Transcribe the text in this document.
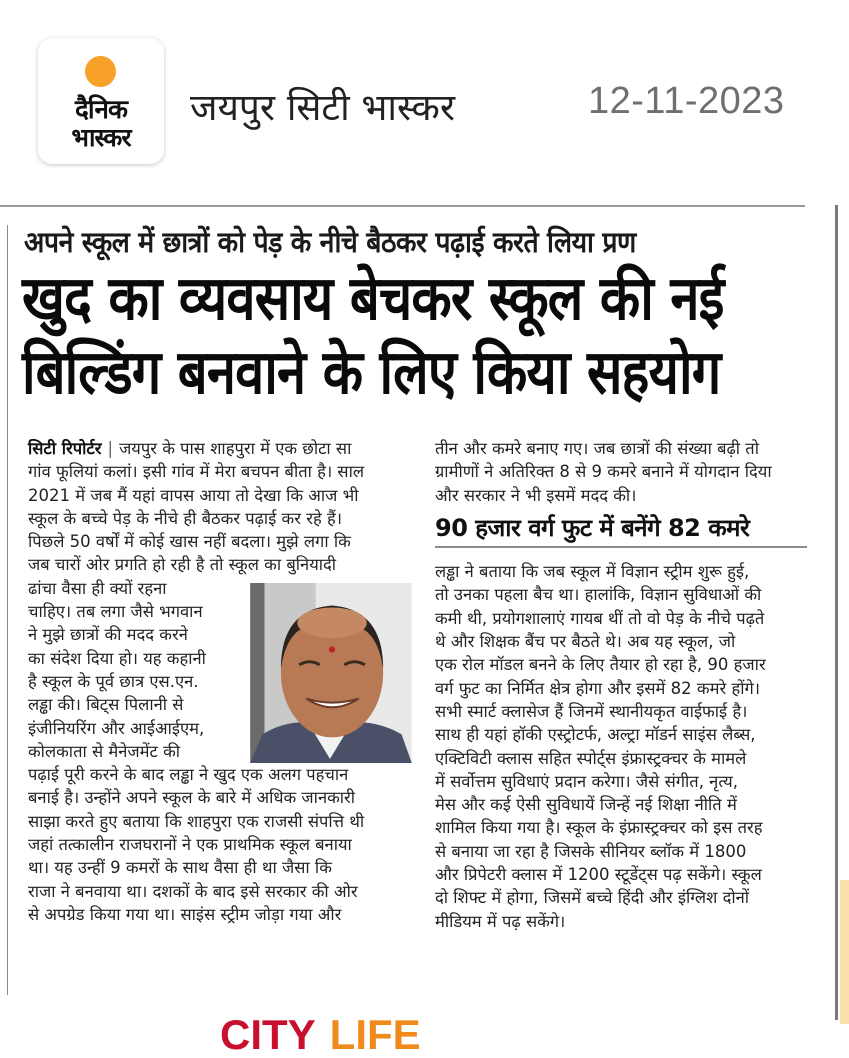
दैनिक
भास्कर
जयपुर सिटी भास्कर	12-11-2023
अपने स्कूल में छात्रों को पेड़ के नीचे बैठकर पढ़ाई करते लिया प्रण
खुद का व्यवसाय बेचकर स्कूल की नई
बिल्डिंग बनवाने के लिए किया सहयोग

सिटी रिपोर्टर | जयपुर के पास शाहपुरा में एक छोटा सा

गांव फूलियां कलां। इसी गांव में मेरा बचपन बीता है। साल

2021 में जब मैं यहां वापस आया तो देखा कि आज भी

स्कूल के बच्चे पेड़ के नीचे ही बैठकर पढ़ाई कर रहे हैं।

पिछले 50 वर्षों में कोई खास नहीं बदला। मुझे लगा कि

जब चारों ओर प्रगति हो रही है तो स्कूल का बुनियादी

ढांचा वैसा ही क्यों रहना

चाहिए। तब लगा जैसे भगवान

ने मुझे छात्रों की मदद करने

का संदेश दिया हो। यह कहानी

है स्कूल के पूर्व छात्र एस.एन.

लड्ढा की। बिट्स पिलानी से

इंजीनियरिंग और आईआईएम,

कोलकाता से मैनेजमेंट की

पढ़ाई पूरी करने के बाद लड्ढा ने खुद एक अलग पहचान

बनाई है। उन्होंने अपने स्कूल के बारे में अधिक जानकारी

साझा करते हुए बताया कि शाहपुरा एक राजसी संपत्ति थी

जहां तत्कालीन राजघरानों ने एक प्राथमिक स्कूल बनाया

था। यह उन्हीं 9 कमरों के साथ वैसा ही था जैसा कि

राजा ने बनवाया था। दशकों के बाद इसे सरकार की ओर

से अपग्रेड किया गया था। साइंस स्ट्रीम जोड़ा गया और

तीन और कमरे बनाए गए। जब छात्रों की संख्या बढ़ी तो

ग्रामीणों ने अतिरिक्त 8 से 9 कमरे बनाने में योगदान दिया

और सरकार ने भी इसमें मदद की।

90 हजार वर्ग फुट में बनेंगे 82 कमरे

लड्ढा ने बताया कि जब स्कूल में विज्ञान स्ट्रीम शुरू हुई,

तो उनका पहला बैच था। हालांकि, विज्ञान सुविधाओं की

कमी थी, प्रयोगशालाएं गायब थीं तो वो पेड़ के नीचे पढ़ते

थे और शिक्षक बैंच पर बैठते थे। अब यह स्कूल, जो

एक रोल मॉडल बनने के लिए तैयार हो रहा है, 90 हजार

वर्ग फुट का निर्मित क्षेत्र होगा और इसमें 82 कमरे होंगे।

सभी स्मार्ट क्लासेज हैं जिनमें स्थानीयकृत वाईफाई है।

साथ ही यहां हॉकी एस्ट्रोटर्फ, अल्ट्रा मॉडर्न साइंस लैब्स,

एक्टिविटी क्लास सहित स्पोर्ट्स इंफ्रास्ट्रक्चर के मामले

में सर्वोत्तम सुविधाएं प्रदान करेगा। जैसे संगीत, नृत्य,

मेस और कई ऐसी सुविधायें जिन्हें नई शिक्षा नीति में

शामिल किया गया है। स्कूल के इंफ्रास्ट्रक्चर को इस तरह

से बनाया जा रहा है जिसके सीनियर ब्लॉक में 1800

और प्रिपेटरी क्लास में 1200 स्टूडेंट्स पढ़ सकेंगे। स्कूल

दो शिफ्ट में होगा, जिसमें बच्चे हिंदी और इंग्लिश दोनों

मीडियम में पढ़ सकेंगे।

CITY LIFE
